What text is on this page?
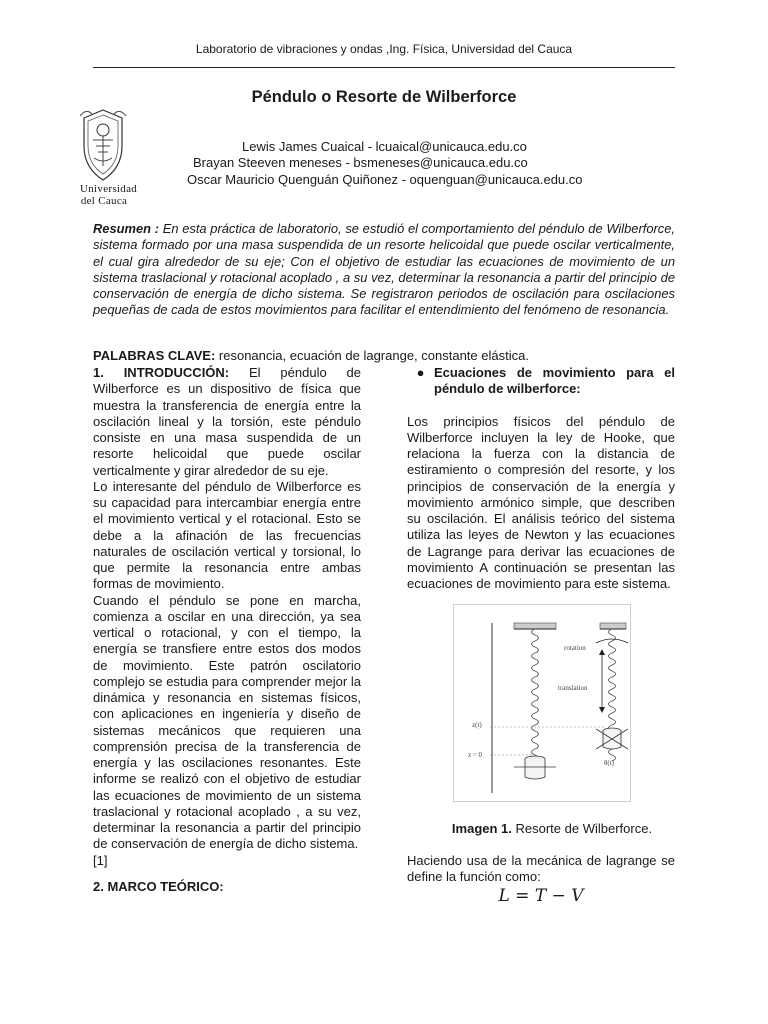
Laboratorio de vibraciones y ondas ,Ing. Física, Universidad del Cauca
Péndulo o Resorte de Wilberforce
Universidad
del Cauca
Lewis James Cuaical - lcuaical@unicauca.edu.co
Brayan Steeven meneses - bsmeneses@unicauca.edu.co
Oscar Mauricio Quenguán Quiñonez - oquenguan@unicauca.edu.co
Resumen : En esta práctica de laboratorio, se estudió el comportamiento del péndulo de Wilberforce, sistema formado por una masa suspendida de un resorte helicoidal que puede oscilar verticalmente, el cual gira alrededor de su eje; Con el objetivo de estudiar las ecuaciones de movimiento de un sistema traslacional y rotacional acoplado , a su vez, determinar la resonancia a partir del principio de conservación de energía de dicho sistema. Se registraron periodos de oscilación para oscilaciones pequeñas de cada de estos movimientos para facilitar el entendimiento del fenómeno de resonancia.
PALABRAS CLAVE: resonancia, ecuación de lagrange, constante elástica.

1. INTRODUCCIÓN: El péndulo de Wilberforce es un dispositivo de física que muestra la transferencia de energía entre la oscilación lineal y la torsión, este péndulo consiste en una masa suspendida de un resorte helicoidal que puede oscilar verticalmente y girar alrededor de su eje.

Lo interesante del péndulo de Wilberforce es su capacidad para intercambiar energía entre el movimiento vertical y el rotacional. Esto se debe a la afinación de las frecuencias naturales de oscilación vertical y torsional, lo que permite la resonancia entre ambas formas de movimiento.

Cuando el péndulo se pone en marcha, comienza a oscilar en una dirección, ya sea vertical o rotacional, y con el tiempo, la energía se transfiere entre estos dos modos de movimiento. Este patrón oscilatorio complejo se estudia para comprender mejor la dinámica y resonancia en sistemas físicos, con aplicaciones en ingeniería y diseño de sistemas mecánicos que requieren una comprensión precisa de la transferencia de energía y las oscilaciones resonantes. Este informe se realizó con el objetivo de estudiar las ecuaciones de movimiento de un sistema traslacional y rotacional acoplado , a su vez, determinar la resonancia a partir del principio de conservación de energía de dicho sistema.

[1]

2. MARCO TEÓRICO:
● Ecuaciones de movimiento para el péndulo de wilberforce:

Los principios físicos del péndulo de Wilberforce incluyen la ley de Hooke, que relaciona la fuerza con la distancia de estiramiento o compresión del resorte, y los principios de conservación de la energía y movimiento armónico simple, que describen su oscilación. El análisis teórico del sistema utiliza las leyes de Newton y las ecuaciones de Lagrange para derivar las ecuaciones de movimiento A continuación se presentan las ecuaciones de movimiento para este sistema.

z(t)
z = 0
rotation
translation
θ(t)
Imagen 1. Resorte de Wilberforce.
Haciendo usa de la mecánica de lagrange se define la función como:
L = T − V
